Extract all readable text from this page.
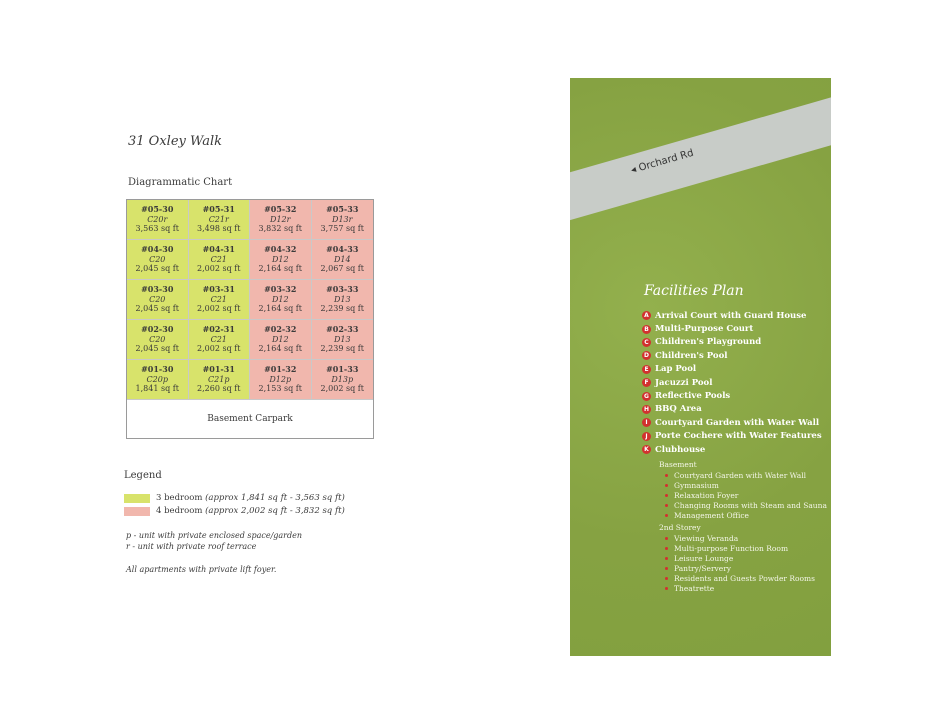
31 Oxley Walk
Diagrammatic Chart
#05-30
C20r
3,563 sq ft
#05-31
C21r
3,498 sq ft
#05-32
D12r
3,832 sq ft
#05-33
D13r
3,757 sq ft
#04-30
C20
2,045 sq ft
#04-31
C21
2,002 sq ft
#04-32
D12
2,164 sq ft
#04-33
D14
2,067 sq ft
#03-30
C20
2,045 sq ft
#03-31
C21
2,002 sq ft
#03-32
D12
2,164 sq ft
#03-33
D13
2,239 sq ft
#02-30
C20
2,045 sq ft
#02-31
C21
2,002 sq ft
#02-32
D12
2,164 sq ft
#02-33
D13
2,239 sq ft
#01-30
C20p
1,841 sq ft
#01-31
C21p
2,260 sq ft
#01-32
D12p
2,153 sq ft
#01-33
D13p
2,002 sq ft
Basement Carpark
Legend
3 bedroom
(approx 1,841 sq ft - 3,563 sq ft)
4 bedroom
(approx 2,002 sq ft - 3,832 sq ft)
p - unit with private enclosed space/garden
r - unit with private roof terrace
All apartments with private lift foyer.
◂ Orchard Rd
Facilities Plan
A Arrival Court with Guard House
B Multi-Purpose Court
C Children's Playground
D Children's Pool
E Lap Pool
F Jacuzzi Pool
G Reflective Pools
H BBQ Area
I Courtyard Garden with Water Wall
J Porte Cochere with Water Features
K Clubhouse
Basement
Courtyard Garden with Water Wall
Gymnasium
Relaxation Foyer
Changing Rooms with Steam and Sauna
Management Office
2nd Storey
Viewing Veranda
Multi-purpose Function Room
Leisure Lounge
Pantry/Servery
Residents and Guests Powder Rooms
Theatrette
